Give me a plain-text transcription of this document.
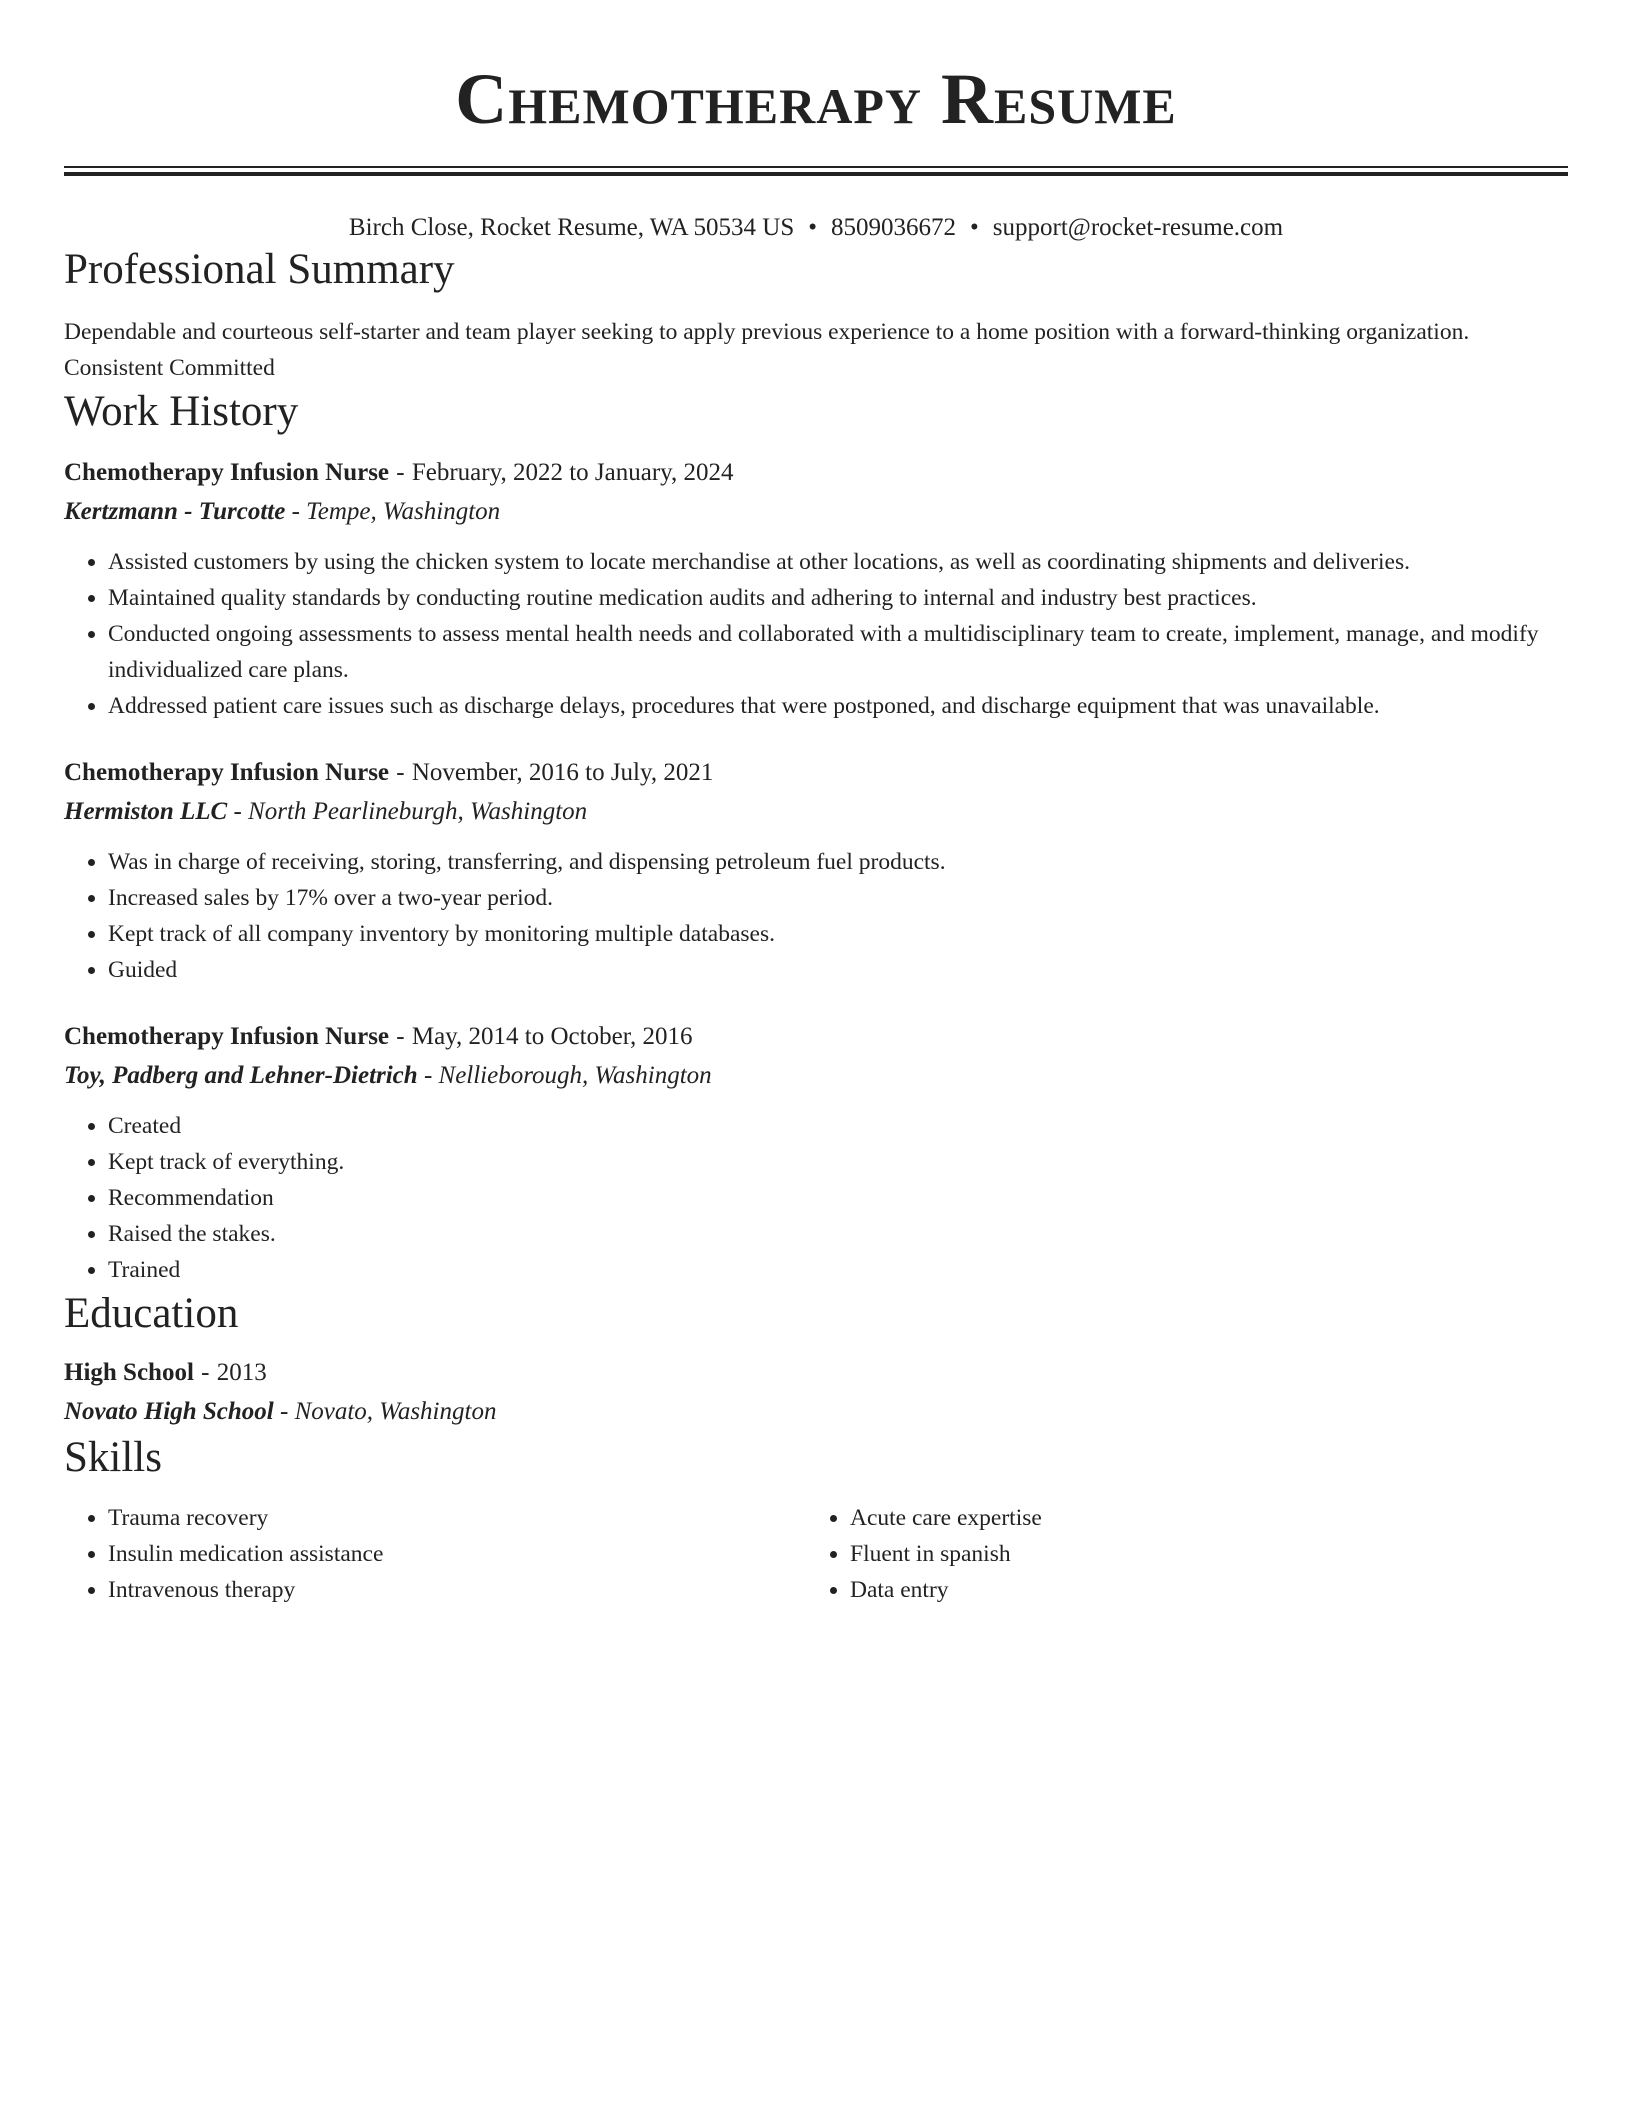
Chemotherapy Resume
Birch Close, Rocket Resume, WA 50534 US • 8509036672 • support@rocket-resume.com
Professional Summary
Dependable and courteous self-starter and team player seeking to apply previous experience to a home position with a forward-thinking organization. Consistent Committed
Work History
Chemotherapy Infusion Nurse - February, 2022 to January, 2024
Kertzmann - Turcotte - Tempe, Washington
• Assisted customers by using the chicken system to locate merchandise at other locations, as well as coordinating shipments and deliveries.
• Maintained quality standards by conducting routine medication audits and adhering to internal and industry best practices.
• Conducted ongoing assessments to assess mental health needs and collaborated with a multidisciplinary team to create, implement, manage, and modify individualized care plans.
• Addressed patient care issues such as discharge delays, procedures that were postponed, and discharge equipment that was unavailable.
Chemotherapy Infusion Nurse - November, 2016 to July, 2021
Hermiston LLC - North Pearlineburgh, Washington
• Was in charge of receiving, storing, transferring, and dispensing petroleum fuel products.
• Increased sales by 17% over a two-year period.
• Kept track of all company inventory by monitoring multiple databases.
• Guided
Chemotherapy Infusion Nurse - May, 2014 to October, 2016
Toy, Padberg and Lehner-Dietrich - Nellieborough, Washington
• Created
• Kept track of everything.
• Recommendation
• Raised the stakes.
• Trained
Education
High School - 2013
Novato High School - Novato, Washington
Skills
• Trauma recovery
• Insulin medication assistance
• Intravenous therapy
• Acute care expertise
• Fluent in spanish
• Data entry
